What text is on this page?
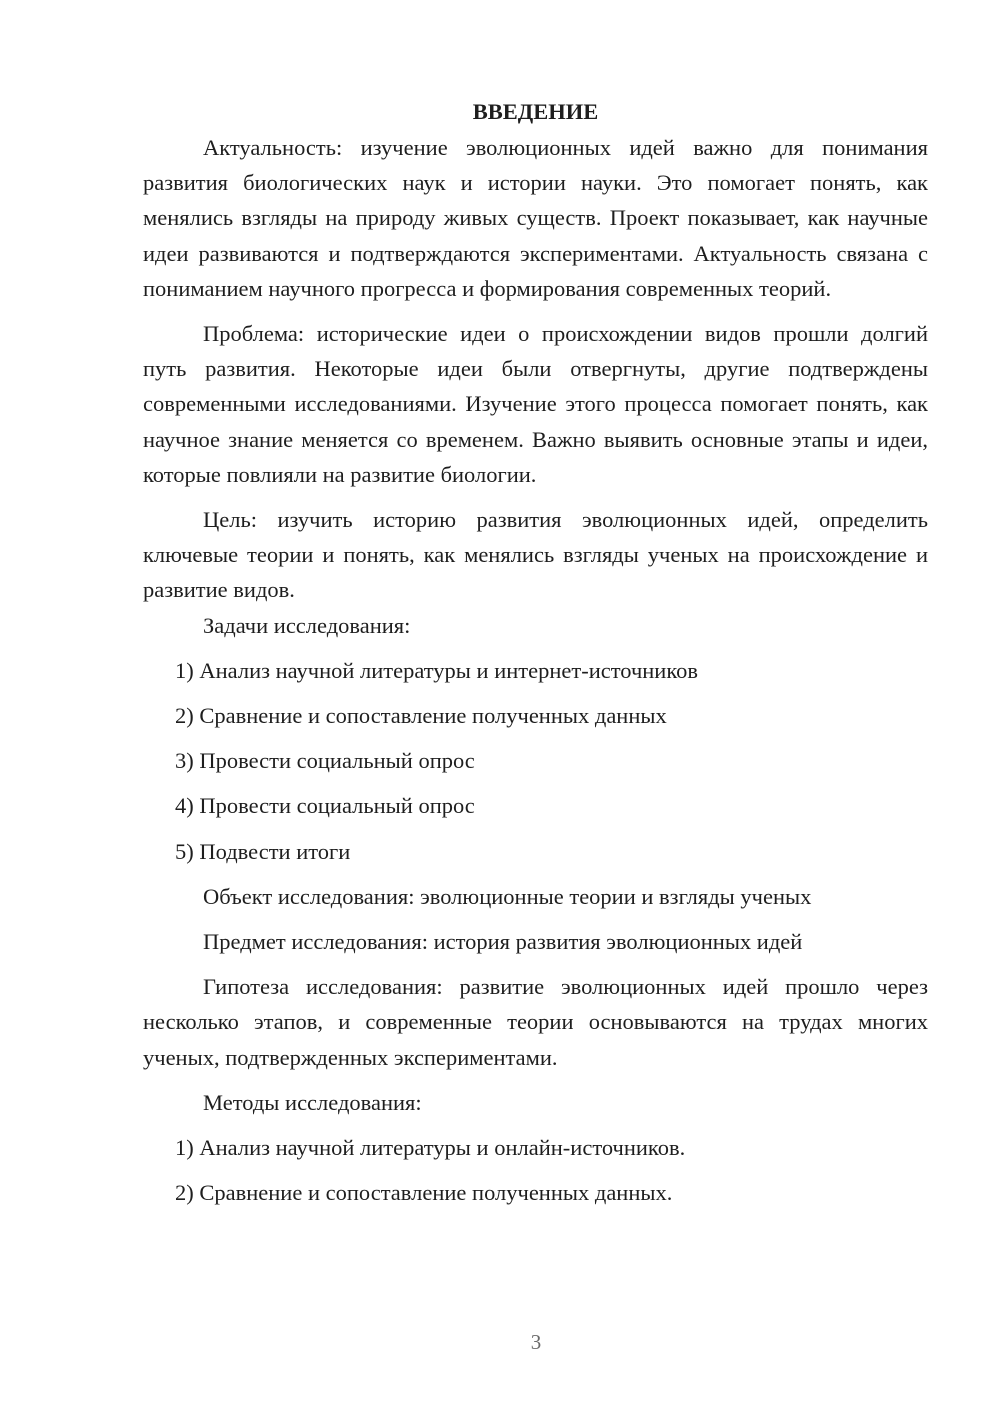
ВВЕДЕНИЕ

Актуальность: изучение эволюционных идей важно для понимания развития биологических наук и истории науки. Это помогает понять, как менялись взгляды на природу живых существ. Проект показывает, как научные идеи развиваются и подтверждаются экспериментами. Актуальность связана с пониманием научного прогресса и формирования современных теорий.

Проблема: исторические идеи о происхождении видов прошли долгий путь развития. Некоторые идеи были отвергнуты, другие подтверждены современными исследованиями. Изучение этого процесса помогает понять, как научное знание меняется со временем. Важно выявить основные этапы и идеи, которые повлияли на развитие биологии.

Цель: изучить историю развития эволюционных идей, определить ключевые теории и понять, как менялись взгляды ученых на происхождение и развитие видов.

Задачи исследования:

1) Анализ научной литературы и интернет-источников

2) Сравнение и сопоставление полученных данных

3) Провести социальный опрос

4) Провести социальный опрос

5) Подвести итоги

Объект исследования: эволюционные теории и взгляды ученых

Предмет исследования: история развития эволюционных идей

Гипотеза исследования: развитие эволюционных идей прошло через несколько этапов, и современные теории основываются на трудах многих ученых, подтвержденных экспериментами.

Методы исследования:

1) Анализ научной литературы и онлайн-источников.

2) Сравнение и сопоставление полученных данных.

3
